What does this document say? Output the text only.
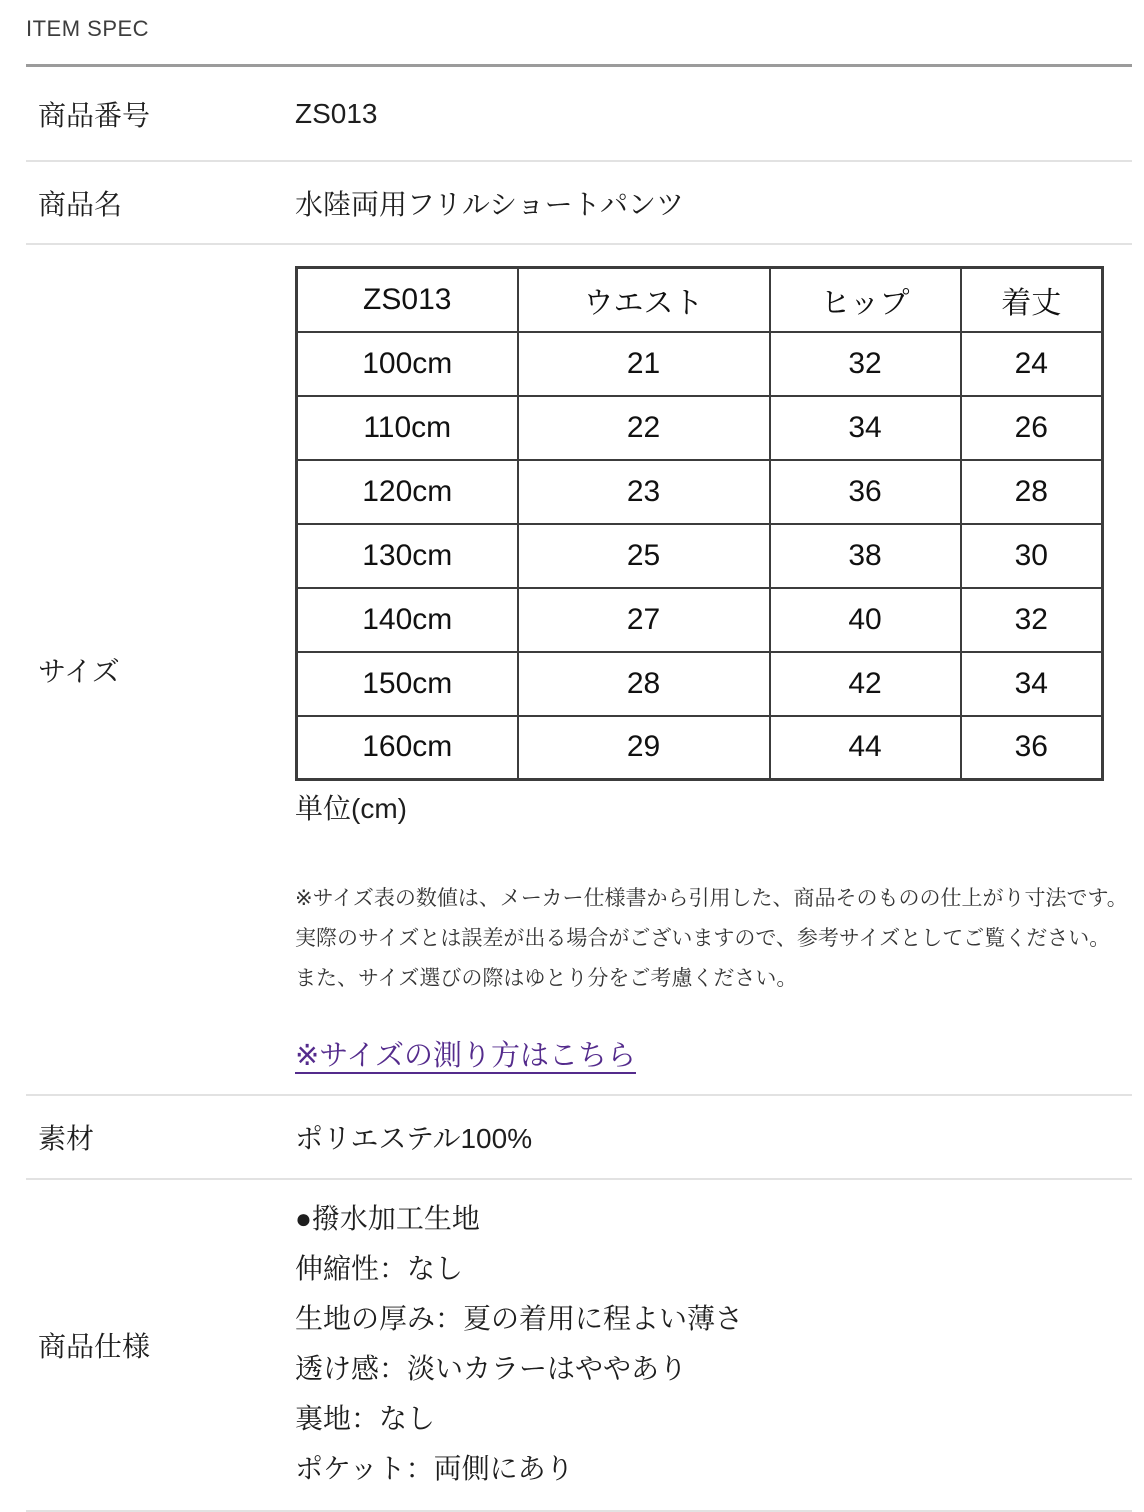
ITEM SPEC
商品番号	ZS013
商品名	水陸両用フリルショートパンツ
サイズ
ZS013	ウエスト	ヒップ	着丈
100cm	21	32	24
110cm	22	34	26
120cm	23	36	28
130cm	25	38	30
140cm	27	40	32
150cm	28	42	34
160cm	29	44	36
単位(cm)
※サイズ表の数値は、メーカー仕様書から引用した、商品そのものの仕上がり寸法です。
実際のサイズとは誤差が出る場合がございますので、参考サイズとしてご覧ください。
また、サイズ選びの際はゆとり分をご考慮ください。
※サイズの測り方はこちら
素材	ポリエステル100%
商品仕様
●撥水加工生地
伸縮性：なし
生地の厚み：夏の着用に程よい薄さ
透け感：淡いカラーはややあり
裏地：なし
ポケット：両側にあり
